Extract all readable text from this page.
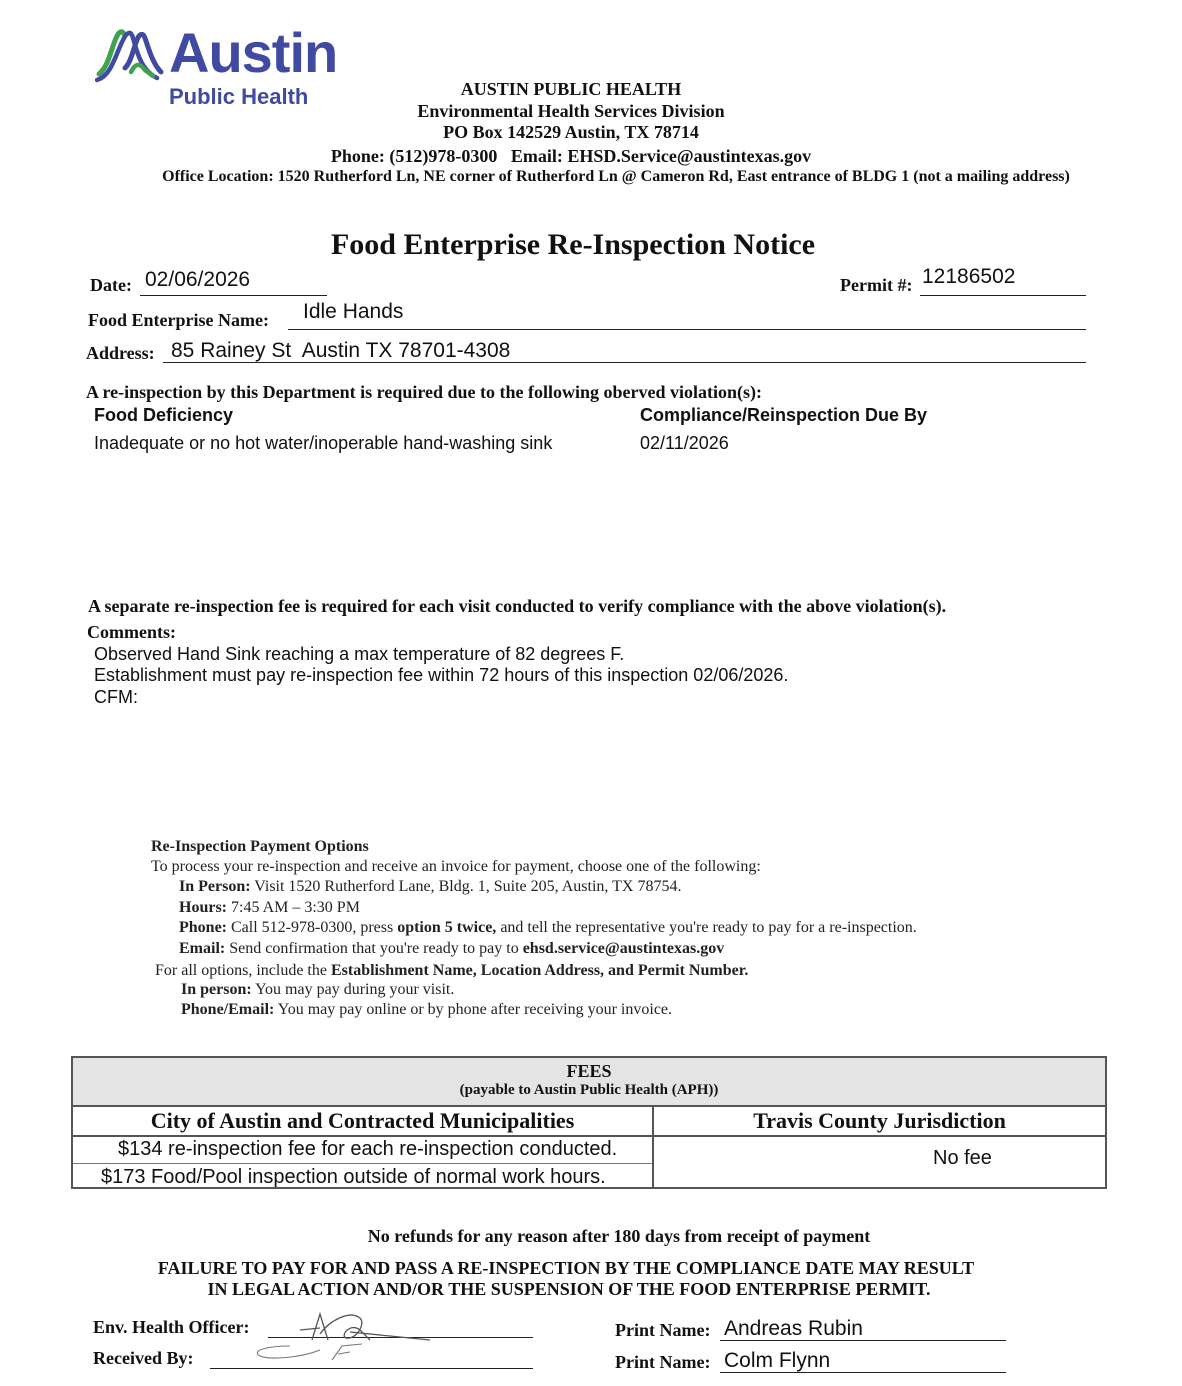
Austin
Public Health	AUSTIN PUBLIC HEALTH
Environmental Health Services Division
PO Box 142529 Austin, TX 78714
Phone: (512)978-0300   Email: EHSD.Service@austintexas.gov
Office Location: 1520 Rutherford Ln, NE corner of Rutherford Ln @ Cameron Rd, East entrance of BLDG 1 (not a mailing address)
Food Enterprise Re-Inspection Notice
Date: 02/06/2026	Permit #: 12186502
Food Enterprise Name: Idle Hands
Address: 85 Rainey St  Austin TX 78701-4308
A re-inspection by this Department is required due to the following oberved violation(s):
Food Deficiency	Compliance/Reinspection Due By
Inadequate or no hot water/inoperable hand-washing sink	02/11/2026
A separate re-inspection fee is required for each visit conducted to verify compliance with the above violation(s).
Comments:
Observed Hand Sink reaching a max temperature of 82 degrees F.
Establishment must pay re-inspection fee within 72 hours of this inspection 02/06/2026.
CFM:
Re-Inspection Payment Options
To process your re-inspection and receive an invoice for payment, choose one of the following:
In Person: Visit 1520 Rutherford Lane, Bldg. 1, Suite 205, Austin, TX 78754.
Hours: 7:45 AM – 3:30 PM
Phone: Call 512-978-0300, press option 5 twice, and tell the representative you're ready to pay for a re-inspection.
Email: Send confirmation that you're ready to pay to ehsd.service@austintexas.gov
For all options, include the Establishment Name, Location Address, and Permit Number.
In person: You may pay during your visit.
Phone/Email: You may pay online or by phone after receiving your invoice.
FEES
(payable to Austin Public Health (APH))
City of Austin and Contracted Municipalities	Travis County Jurisdiction
$134 re-inspection fee for each re-inspection conducted.
$173 Food/Pool inspection outside of normal work hours.
No fee
No refunds for any reason after 180 days from receipt of payment
FAILURE TO PAY FOR AND PASS A RE-INSPECTION BY THE COMPLIANCE DATE MAY RESULT
IN LEGAL ACTION AND/OR THE SUSPENSION OF THE FOOD ENTERPRISE PERMIT.
Env. Health Officer:
Received By:
Print Name: Andreas Rubin
Print Name: Colm Flynn
